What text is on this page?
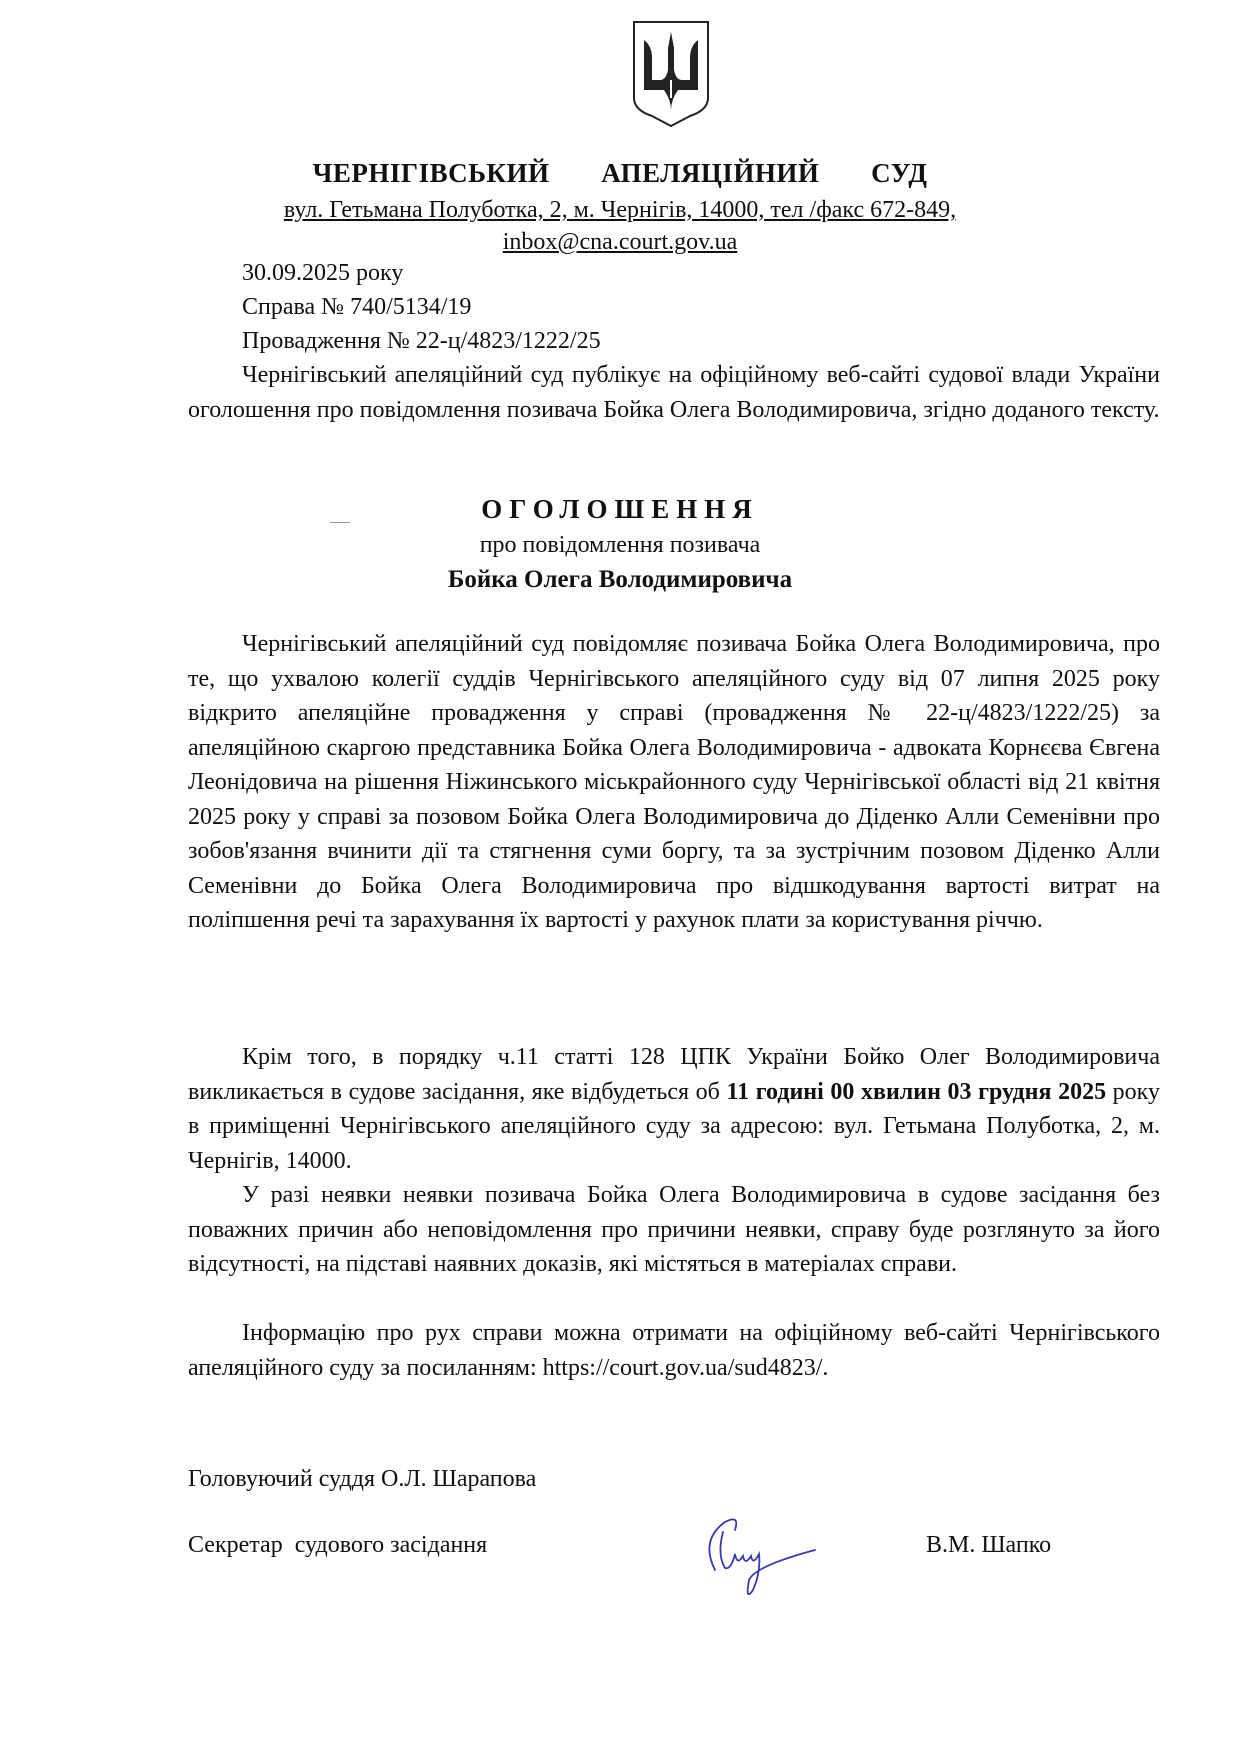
ЧЕРНІГІВСЬКИЙ   АПЕЛЯЦІЙНИЙ   СУД
вул. Гетьмана Полуботка, 2, м. Чернігів, 14000, тел /факс 672-849,
inbox@cna.court.gov.ua
30.09.2025 року
Справа № 740/5134/19
Провадження № 22-ц/4823/1222/25

Чернігівський апеляційний суд публікує на офіційному веб-сайті судової влади України оголошення про повідомлення позивача Бойка Олега Володимировича, згідно доданого тексту.

ОГОЛОШЕННЯ
про повідомлення позивача
Бойка Олега Володимировича

Чернігівський апеляційний суд повідомляє позивача Бойка Олега Володимировича, про те, що ухвалою колегії суддів Чернігівського апеляційного суду від 07 липня 2025 року відкрито апеляційне провадження у справі (провадження № 22-ц/4823/1222/25) за апеляційною скаргою представника Бойка Олега Володимировича - адвоката Корнєєва Євгена Леонідовича на рішення Ніжинського міськрайонного суду Чернігівської області від 21 квітня 2025 року у справі за позовом Бойка Олега Володимировича до Діденко Алли Семенівни про зобов'язання вчинити дії та стягнення суми боргу, та за зустрічним позовом Діденко Алли Семенівни до Бойка Олега Володимировича про відшкодування вартості витрат на поліпшення речі та зарахування їх вартості у рахунок плати за користування річчю.

Крім того, в порядку ч.11 статті 128 ЦПК України Бойко Олег Володимировича викликається в судове засідання, яке відбудеться об 11 годині 00 хвилин 03 грудня 2025 року в приміщенні Чернігівського апеляційного суду за адресою: вул. Гетьмана Полуботка, 2, м. Чернігів, 14000.

У разі неявки неявки позивача Бойка Олега Володимировича в судове засідання без поважних причин або неповідомлення про причини неявки, справу буде розглянуто за його відсутності, на підставі наявних доказів, які містяться в матеріалах справи.

Інформацію про рух справи можна отримати на офіційному веб-сайті Чернігівського апеляційного суду за посиланням: https://court.gov.ua/sud4823/.

Головуючий суддя О.Л. Шарапова
Секретар  судового засідання	В.М. Шапко
